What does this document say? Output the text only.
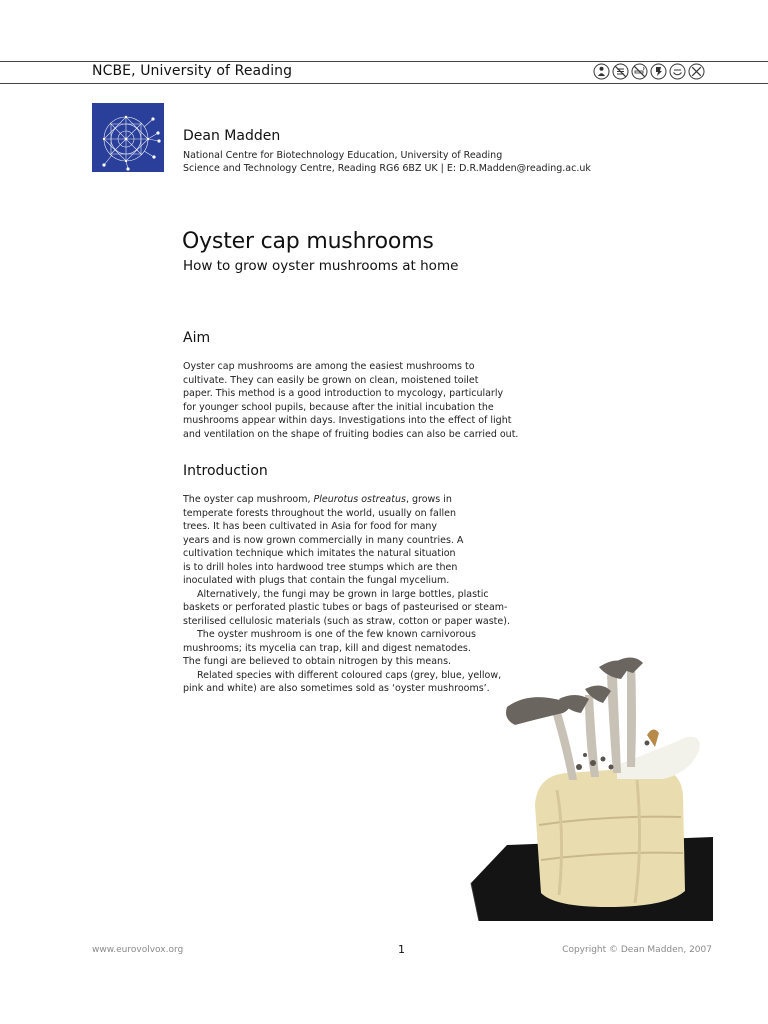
NCBE, University of Reading
Dean Madden
National Centre for Biotechnology Education, University of Reading
Science and Technology Centre, Reading RG6 6BZ UK | E: D.R.Madden@reading.ac.uk
Oyster cap mushrooms
How to grow oyster mushrooms at home
Aim
Oyster cap mushrooms are among the easiest mushrooms to
cultivate. They can easily be grown on clean, moistened toilet
paper. This method is a good introduction to mycology, particularly
for younger school pupils, because after the initial incubation the
mushrooms appear within days. Investigations into the effect of light
and ventilation on the shape of fruiting bodies can also be carried out.
Introduction
The oyster cap mushroom, Pleurotus ostreatus, grows in
temperate forests throughout the world, usually on fallen
trees. It has been cultivated in Asia for food for many
years and is now grown commercially in many countries. A
cultivation technique which imitates the natural situation
is to drill holes into hardwood tree stumps which are then
inoculated with plugs that contain the fungal mycelium.
Alternatively, the fungi may be grown in large bottles, plastic
baskets or perforated plastic tubes or bags of pasteurised or steam-
sterilised cellulosic materials (such as straw, cotton or paper waste).
The oyster mushroom is one of the few known carnivorous
mushrooms; its mycelia can trap, kill and digest nematodes.
The fungi are believed to obtain nitrogen by this means.
Related species with different coloured caps (grey, blue, yellow,
pink and white) are also sometimes sold as ‘oyster mushrooms’.
www.eurovolvox.org	1	Copyright © Dean Madden, 2007
